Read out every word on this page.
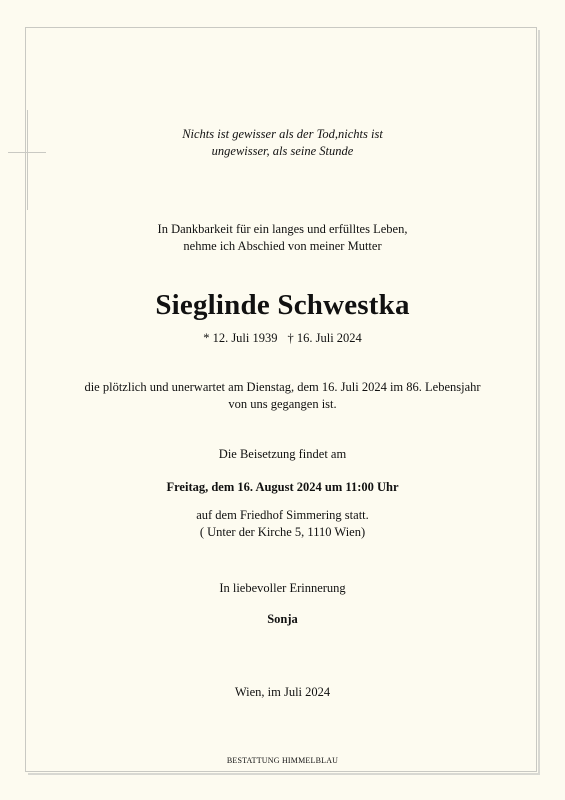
Nichts ist gewisser als der Tod,nichts ist
ungewisser, als seine Stunde
In Dankbarkeit für ein langes und erfülltes Leben,
nehme ich Abschied von meiner Mutter
Sieglinde Schwestka
* 12. Juli 1939 † 16. Juli 2024
die plötzlich und unerwartet am Dienstag, dem 16. Juli 2024 im 86. Lebensjahr
von uns gegangen ist.
Die Beisetzung findet am
Freitag, dem 16. August 2024 um 11:00 Uhr
auf dem Friedhof Simmering statt.
( Unter der Kirche 5, 1110 Wien)
In liebevoller Erinnerung
Sonja
Wien, im Juli 2024
BESTATTUNG HIMMELBLAU
